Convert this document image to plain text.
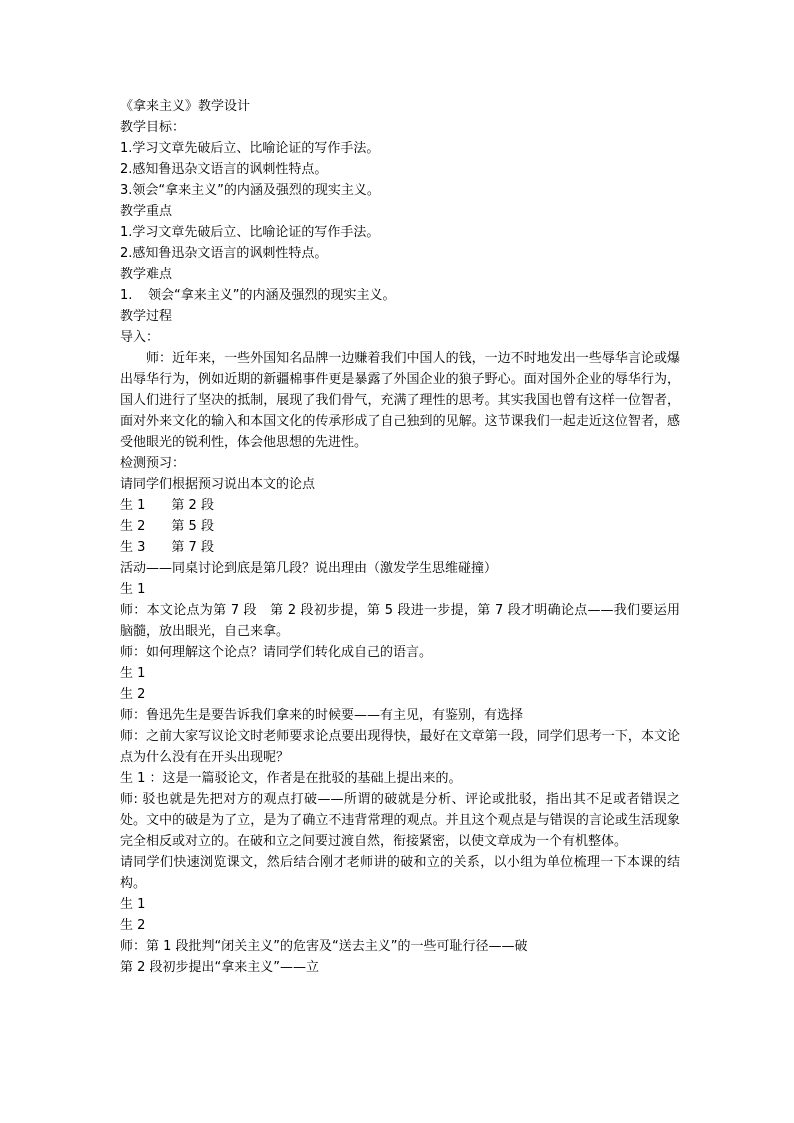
《拿来主义》教学设计

教学目标：

1.学习文章先破后立、比喻论证的写作手法。

2.感知鲁迅杂文语言的讽刺性特点。

3.领会“拿来主义”的内涵及强烈的现实主义。

教学重点

1.学习文章先破后立、比喻论证的写作手法。

2.感知鲁迅杂文语言的讽刺性特点。

教学难点

1. 领会“拿来主义”的内涵及强烈的现实主义。

教学过程

导入：

师：近年来，一些外国知名品牌一边赚着我们中国人的钱，一边不时地发出一些辱华言论或爆出辱华行为，例如近期的新疆棉事件更是暴露了外国企业的狼子野心。面对国外企业的辱华行为，国人们进行了坚决的抵制，展现了我们骨气，充满了理性的思考。其实我国也曾有这样一位智者，面对外来文化的输入和本国文化的传承形成了自己独到的见解。这节课我们一起走近这位智者，感受他眼光的锐利性，体会他思想的先进性。

检测预习：

请同学们根据预习说出本文的论点

生 1　　第 2 段

生 2　　第 5 段

生 3　　第 7 段

活动——同桌讨论到底是第几段？说出理由（激发学生思维碰撞）

生 1

师：本文论点为第 7 段　第 2 段初步提，第 5 段进一步提，第 7 段才明确论点——我们要运用脑髓，放出眼光，自己来拿。

师：如何理解这个论点？请同学们转化成自己的语言。

生 1

生 2

师：鲁迅先生是要告诉我们拿来的时候要——有主见，有鉴别，有选择

师：之前大家写议论文时老师要求论点要出现得快，最好在文章第一段，同学们思考一下，本文论点为什么没有在开头出现呢？

生 1 ：这是一篇驳论文，作者是在批驳的基础上提出来的。

师: 驳也就是先把对方的观点打破——所谓的破就是分析、评论或批驳，指出其不足或者错误之处。文中的破是为了立，是为了确立不违背常理的观点。并且这个观点是与错误的言论或生活现象完全相反或对立的。在破和立之间要过渡自然，衔接紧密，以使文章成为一个有机整体。

请同学们快速浏览课文，然后结合刚才老师讲的破和立的关系，以小组为单位梳理一下本课的结构。

生 1

生 2

师：第 1 段批判“闭关主义”的危害及“送去主义”的一些可耻行径——破

第 2 段初步提出“拿来主义”——立
